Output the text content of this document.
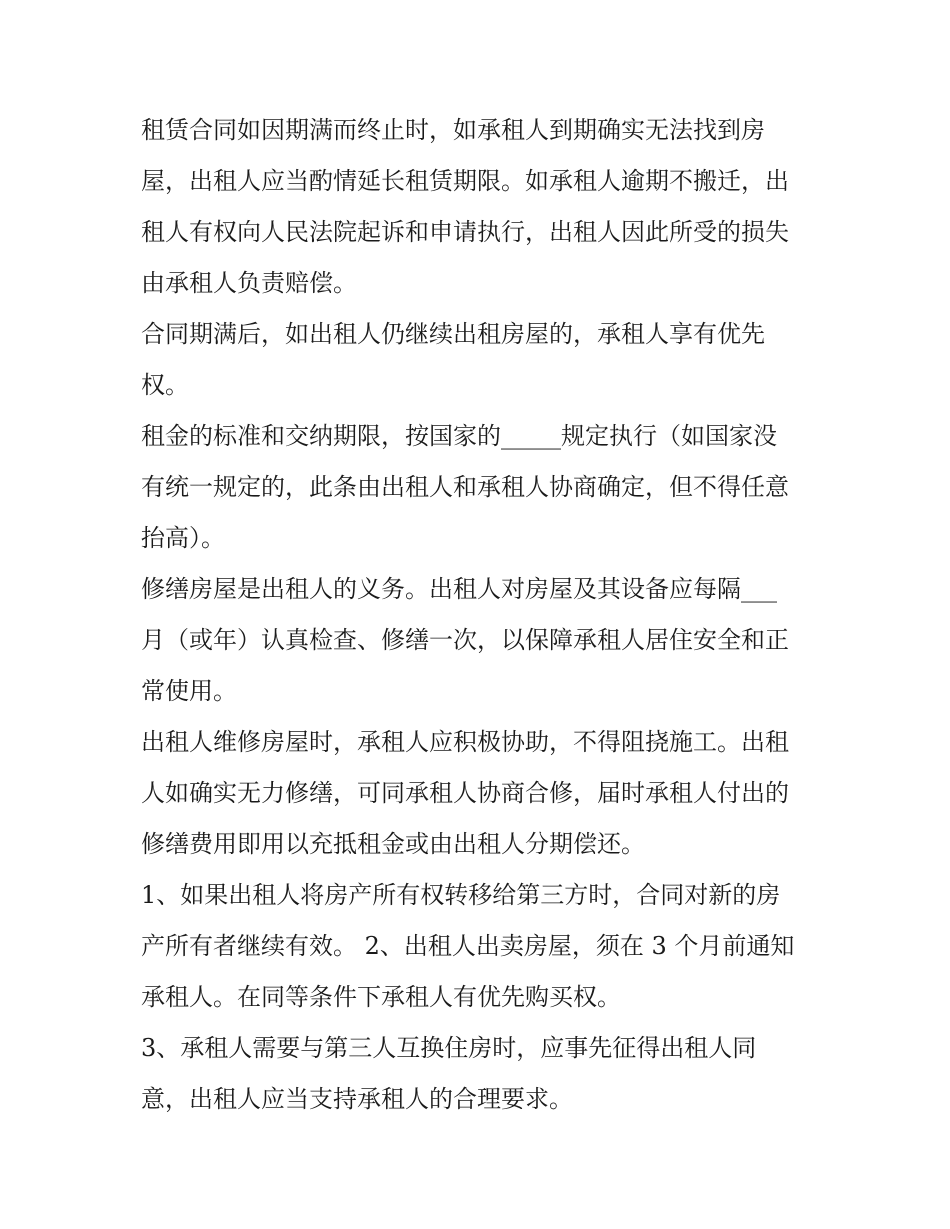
租赁合同如因期满而终止时，如承租人到期确实无法找到房
屋，出租人应当酌情延长租赁期限。如承租人逾期不搬迁，出
租人有权向人民法院起诉和申请执行，出租人因此所受的损失
由承租人负责赔偿。
合同期满后，如出租人仍继续出租房屋的，承租人享有优先
权。
租金的标准和交纳期限，按国家的_____规定执行（如国家没
有统一规定的，此条由出租人和承租人协商确定，但不得任意
抬高）。
修缮房屋是出租人的义务。出租人对房屋及其设备应每隔___
月（或年）认真检查、修缮一次，以保障承租人居住安全和正
常使用。
出租人维修房屋时，承租人应积极协助，不得阻挠施工。出租
人如确实无力修缮，可同承租人协商合修，届时承租人付出的
修缮费用即用以充抵租金或由出租人分期偿还。
1、如果出租人将房产所有权转移给第三方时，合同对新的房
产所有者继续有效。 2、出租人出卖房屋，须在 3 个月前通知
承租人。在同等条件下承租人有优先购买权。
3、承租人需要与第三人互换住房时，应事先征得出租人同
意，出租人应当支持承租人的合理要求。
